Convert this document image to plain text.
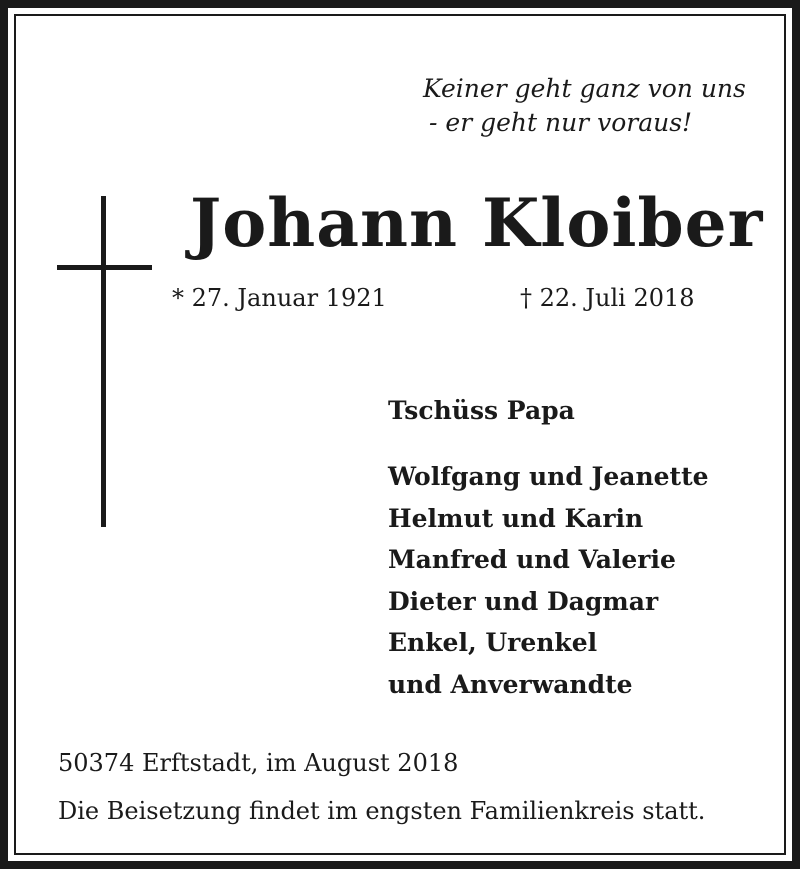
Keiner geht ganz von uns
- er geht nur voraus!
Johann Kloiber
* 27. Januar 1921	† 22. Juli 2018
Tschüss Papa
Wolfgang und Jeanette
Helmut und Karin
Manfred und Valerie
Dieter und Dagmar
Enkel, Urenkel
und Anverwandte
50374 Erftstadt, im August 2018
Die Beisetzung findet im engsten Familienkreis statt.
